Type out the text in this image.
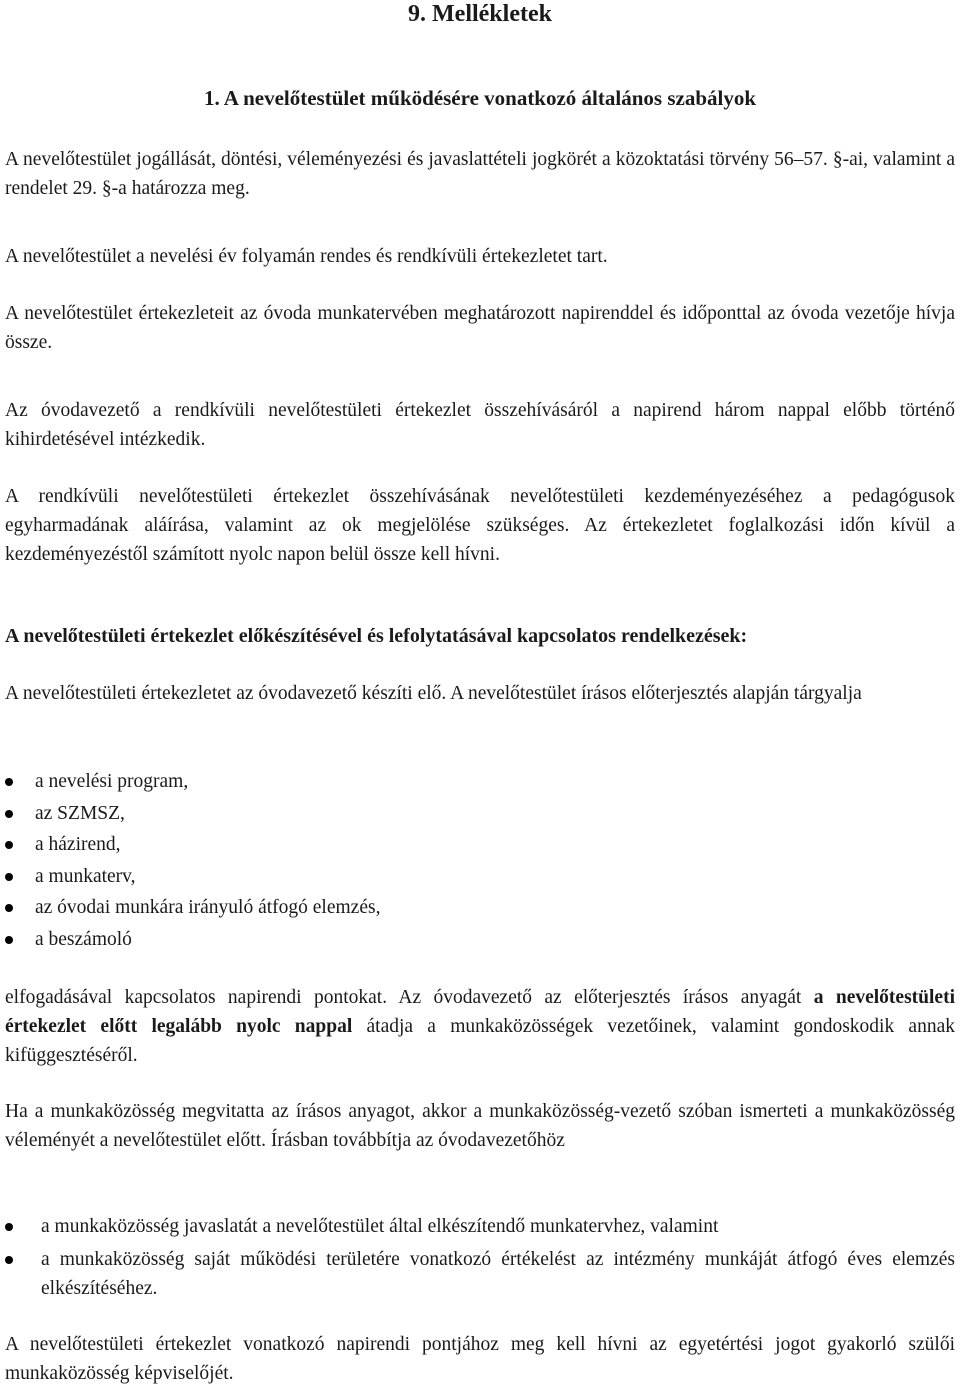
9. Mellékletek
1. A nevelőtestület működésére vonatkozó általános szabályok

A nevelőtestület jogállását, döntési, véleményezési és javaslattételi jogkörét a közoktatási törvény 56–57. §-ai, valamint a rendelet 29. §-a határozza meg.

A nevelőtestület a nevelési év folyamán rendes és rendkívüli értekezletet tart.

A nevelőtestület értekezleteit az óvoda munkatervében meghatározott napirenddel és időponttal az óvoda vezetője hívja össze.

Az óvodavezető a rendkívüli nevelőtestületi értekezlet összehívásáról a napirend három nappal előbb történő kihirdetésével intézkedik.

A rendkívüli nevelőtestületi értekezlet összehívásának nevelőtestületi kezdeményezéséhez a pedagógusok egyharmadának aláírása, valamint az ok megjelölése szükséges. Az értekezletet foglalkozási időn kívül a kezdeményezéstől számított nyolc napon belül össze kell hívni.

A nevelőtestületi értekezlet előkészítésével és lefolytatásával kapcsolatos rendelkezések:

A nevelőtestületi értekezletet az óvodavezető készíti elő. A nevelőtestület írásos előterjesztés alapján tárgyalja

a nevelési program,
az SZMSZ,
a házirend,
a munkaterv,
az óvodai munkára irányuló átfogó elemzés,
a beszámoló

elfogadásával kapcsolatos napirendi pontokat. Az óvodavezető az előterjesztés írásos anyagát a nevelőtestületi értekezlet előtt legalább nyolc nappal átadja a munkaközösségek vezetőinek, valamint gondoskodik annak kifüggesztéséről.

Ha a munkaközösség megvitatta az írásos anyagot, akkor a munkaközösség-vezető szóban ismerteti a munkaközösség véleményét a nevelőtestület előtt. Írásban továbbítja az óvodavezetőhöz

a munkaközösség javaslatát a nevelőtestület által elkészítendő munkatervhez, valamint
a munkaközösség saját működési területére vonatkozó értékelést az intézmény munkáját átfogó éves elemzés elkészítéséhez.

A nevelőtestületi értekezlet vonatkozó napirendi pontjához meg kell hívni az egyetértési jogot gyakorló szülői munkaközösség képviselőjét.
